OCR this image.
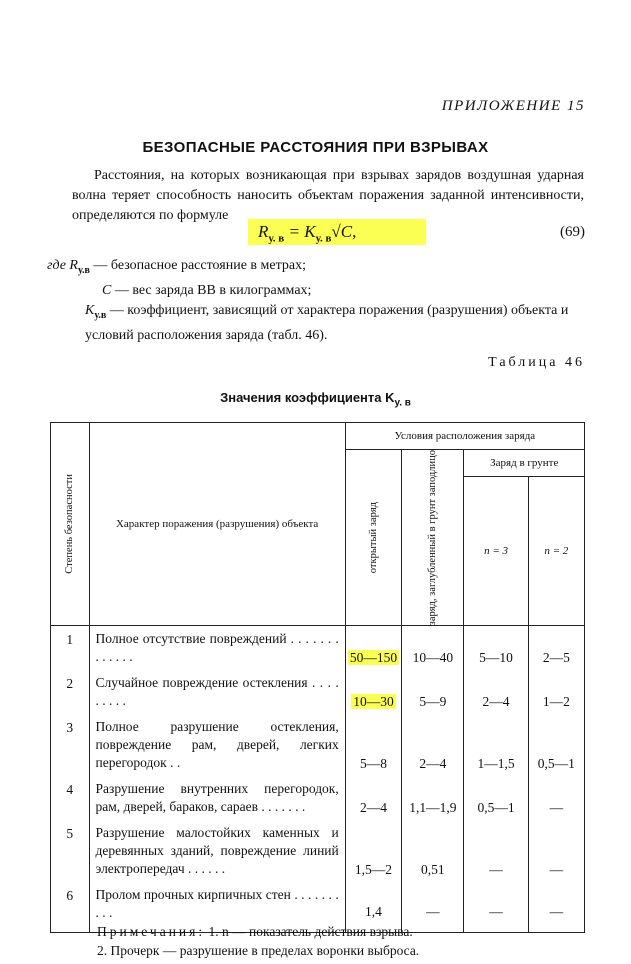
ПРИЛОЖЕНИЕ 15
БЕЗОПАСНЫЕ РАССТОЯНИЯ ПРИ ВЗРЫВАХ
Расстояния, на которых возникающая при взрывах зарядов воздушная ударная волна теряет способность наносить объектам поражения заданной интенсивности, определяются по формуле
$R_{у. в} = K_{у. в}√C$,	(69)
где $R_{у.в}$ — безопасное расстояние в метрах;
C — вес заряда ВВ в килограммах;
$K_{у.в}$ — коэффициент, зависящий от характера поражения (разрушения) объекта и условий расположения заряда (табл. 46).
Таблица 46
Значения коэффициента $K_{у. в}$
Степень безопасности	Характер поражения (разрушения) объекта	Условия расположения заряда			

		открытый заряд	заряд, заглубленный в грунт заподлицо	Заряд в грунте	
				n = 3	n = 2
1	Полное отсутствие повреждений . . . . . . . . . . . . .	50—150	10—40	5—10	2—5
2	Случайное повреждение остекления . . . . . . . . .	10—30	5—9	2—4	1—2
3	Полное разрушение остекления, повреждение рам, дверей, легких перегородок . .	5—8	2—4	1—1,5	0,5—1
4	Разрушение внутренних перегородок, рам, дверей, бараков, сараев . . . . . . .	2—4	1,1—1,9	0,5—1	—
5	Разрушение малостойких каменных и деревянных зданий, повреждение линий электропередач . . . . . .	1,5—2	0,51	—	—
6	Пролом прочных кирпичных стен . . . . . . . . . .	1,4	—	—	—
Примечания: 1. n — показатель действия взрыва.
2. Прочерк — разрушение в пределах воронки выброса.
